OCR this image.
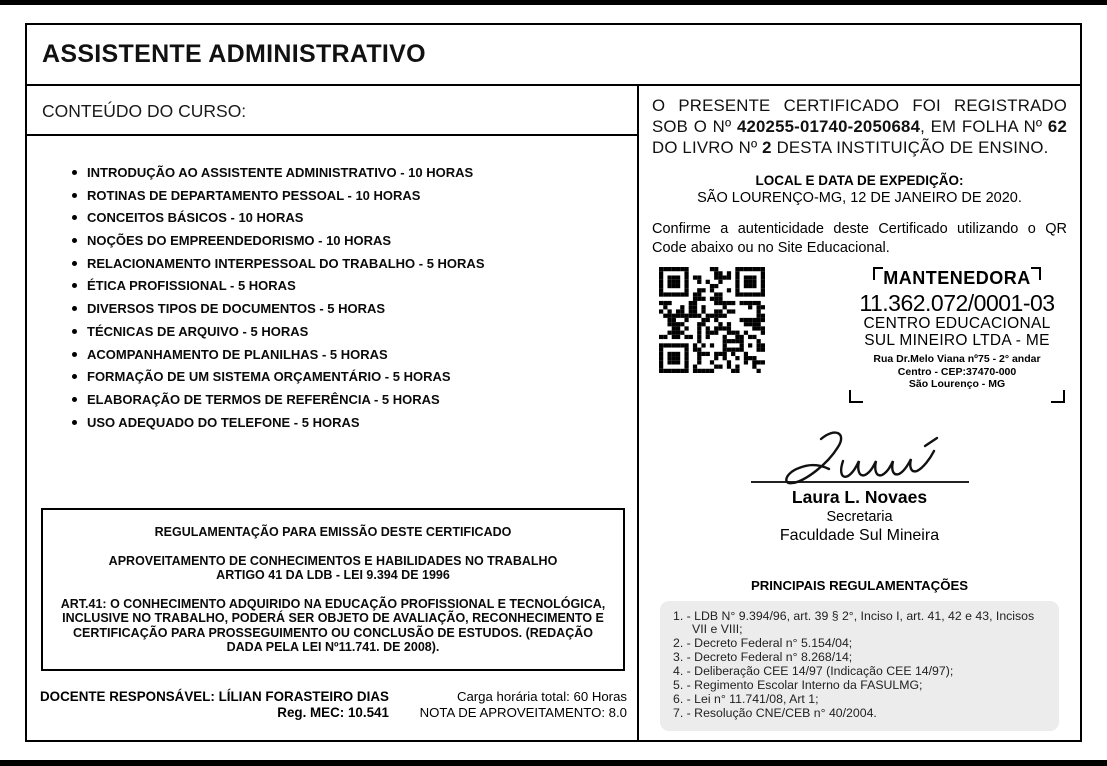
ASSISTENTE ADMINISTRATIVO
CONTEÚDO DO CURSO:
INTRODUÇÃO AO ASSISTENTE ADMINISTRATIVO - 10 HORAS
ROTINAS DE DEPARTAMENTO PESSOAL - 10 HORAS
CONCEITOS BÁSICOS - 10 HORAS
NOÇÕES DO EMPREENDEDORISMO - 10 HORAS
RELACIONAMENTO INTERPESSOAL DO TRABALHO - 5 HORAS
ÉTICA PROFISSIONAL - 5 HORAS
DIVERSOS TIPOS DE DOCUMENTOS - 5 HORAS
TÉCNICAS DE ARQUIVO - 5 HORAS
ACOMPANHAMENTO DE PLANILHAS - 5 HORAS
FORMAÇÃO DE UM SISTEMA ORÇAMENTÁRIO - 5 HORAS
ELABORAÇÃO DE TERMOS DE REFERÊNCIA - 5 HORAS
USO ADEQUADO DO TELEFONE - 5 HORAS
REGULAMENTAÇÃO PARA EMISSÃO DESTE CERTIFICADO
APROVEITAMENTO DE CONHECIMENTOS E HABILIDADES NO TRABALHO
ARTIGO 41 DA LDB - LEI 9.394 DE 1996
ART.41: O CONHECIMENTO ADQUIRIDO NA EDUCAÇÃO PROFISSIONAL E TECNOLÓGICA, INCLUSIVE NO TRABALHO, PODERÁ SER OBJETO DE AVALIAÇÃO, RECONHECIMENTO E CERTIFICAÇÃO PARA PROSSEGUIMENTO OU CONCLUSÃO DE ESTUDOS. (REDAÇÃO DADA PELA LEI Nº11.741. DE 2008).
DOCENTE RESPONSÁVEL: LÍLIAN FORASTEIRO DIAS
Reg. MEC: 10.541
Carga horária total: 60 Horas
NOTA DE APROVEITAMENTO: 8.0

O PRESENTE CERTIFICADO FOI REGISTRADO SOB O Nº 420255-01740-2050684, EM FOLHA Nº 62 DO LIVRO Nº 2 DESTA INSTITUIÇÃO DE ENSINO.

LOCAL E DATA DE EXPEDIÇÃO:
SÃO LOURENÇO-MG, 12 DE JANEIRO DE 2020.

Confirme a autenticidade deste Certificado utilizando o QR Code abaixo ou no Site Educacional.

MANTENEDORA
11.362.072/0001-03
CENTRO EDUCACIONAL
SUL MINEIRO LTDA - ME
Rua Dr.Melo Viana nº75 - 2° andar
Centro - CEP:37470-000
São Lourenço - MG
Laura L. Novaes
Secretaria
Faculdade Sul Mineira
PRINCIPAIS REGULAMENTAÇÕES
1. - LDB N° 9.394/96, art. 39 § 2°, Inciso I, art. 41, 42 e 43, Incisos VII e VIII;
2. - Decreto Federal n° 5.154/04;
3. - Decreto Federal n° 8.268/14;
4. - Deliberação CEE 14/97 (Indicação CEE 14/97);
5. - Regimento Escolar Interno da FASULMG;
6. - Lei n° 11.741/08, Art 1;
7. - Resolução CNE/CEB n° 40/2004.
